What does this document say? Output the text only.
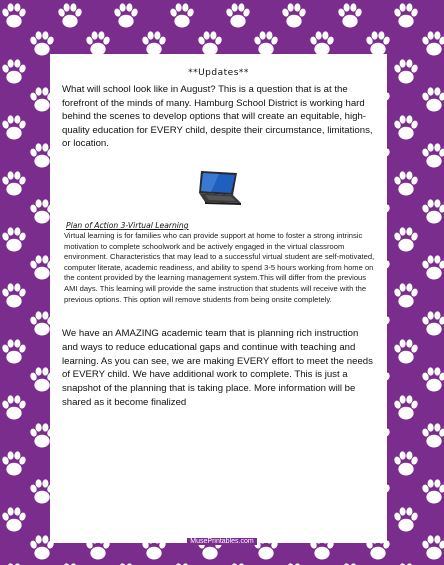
**Updates**

What will school look like in August? This is a question that is at the forefront of the minds of many. Hamburg School District is working hard behind the scenes to develop options that will create an equitable, high-quality education for EVERY child, despite their circumstance, limitations, or location.

Plan of Action 3-Virtual Learning

Virtual learning is for families who can provide support at home to foster a strong intrinsic motivation to complete schoolwork and be actively engaged in the virtual classroom environment. Characteristics that may lead to a successful virtual student are self-motivated, computer literate, academic readiness, and ability to spend 3-5 hours working from home on the content provided by the learning management system.This will differ from the previous AMI days. This learning will provide the same instruction that students will receive with the previous options. This option will remove students from being onsite completely.

We have an AMAZING academic team that is planning rich instruction and ways to reduce educational gaps and continue with teaching and learning. As you can see, we are making EVERY effort to meet the needs of EVERY child. We have additional work to complete. This is just a snapshot of the planning that is taking place. More information will be shared as it become finalized

MusePrintables.com
